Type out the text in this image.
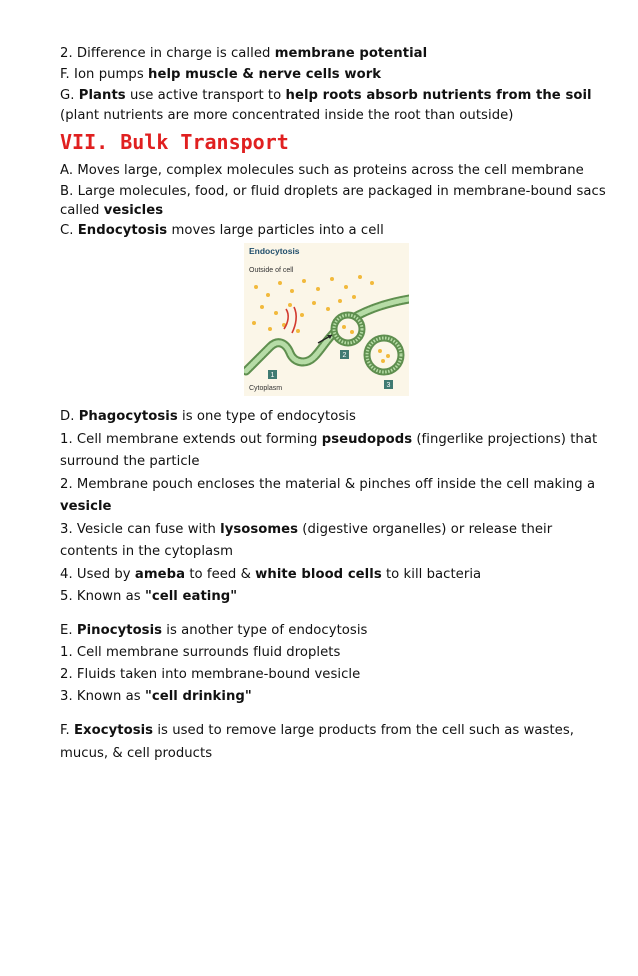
2. Difference in charge is called membrane potential
F. Ion pumps help muscle & nerve cells work
G. Plants use active transport to help roots absorb nutrients from the soil
(plant nutrients are more concentrated inside the root than outside)
VII. Bulk Transport
A. Moves large, complex molecules such as proteins across the cell membrane
B. Large molecules, food, or fluid droplets are packaged in membrane-bound sacs
called vesicles
C. Endocytosis moves large particles into a cell
Endocytosis
Outside of cell
1
2
3
Cytoplasm
D. Phagocytosis is one type of endocytosis
1. Cell membrane extends out forming pseudopods (fingerlike projections) that
surround the particle
2. Membrane pouch encloses the material & pinches off inside the cell making a
vesicle
3. Vesicle can fuse with lysosomes (digestive organelles) or release their
contents in the cytoplasm
4. Used by ameba to feed & white blood cells to kill bacteria
5. Known as "cell eating"
E. Pinocytosis is another type of endocytosis
1. Cell membrane surrounds fluid droplets
2. Fluids taken into membrane-bound vesicle
3. Known as "cell drinking"
F. Exocytosis is used to remove large products from the cell such as wastes,
mucus, & cell products
